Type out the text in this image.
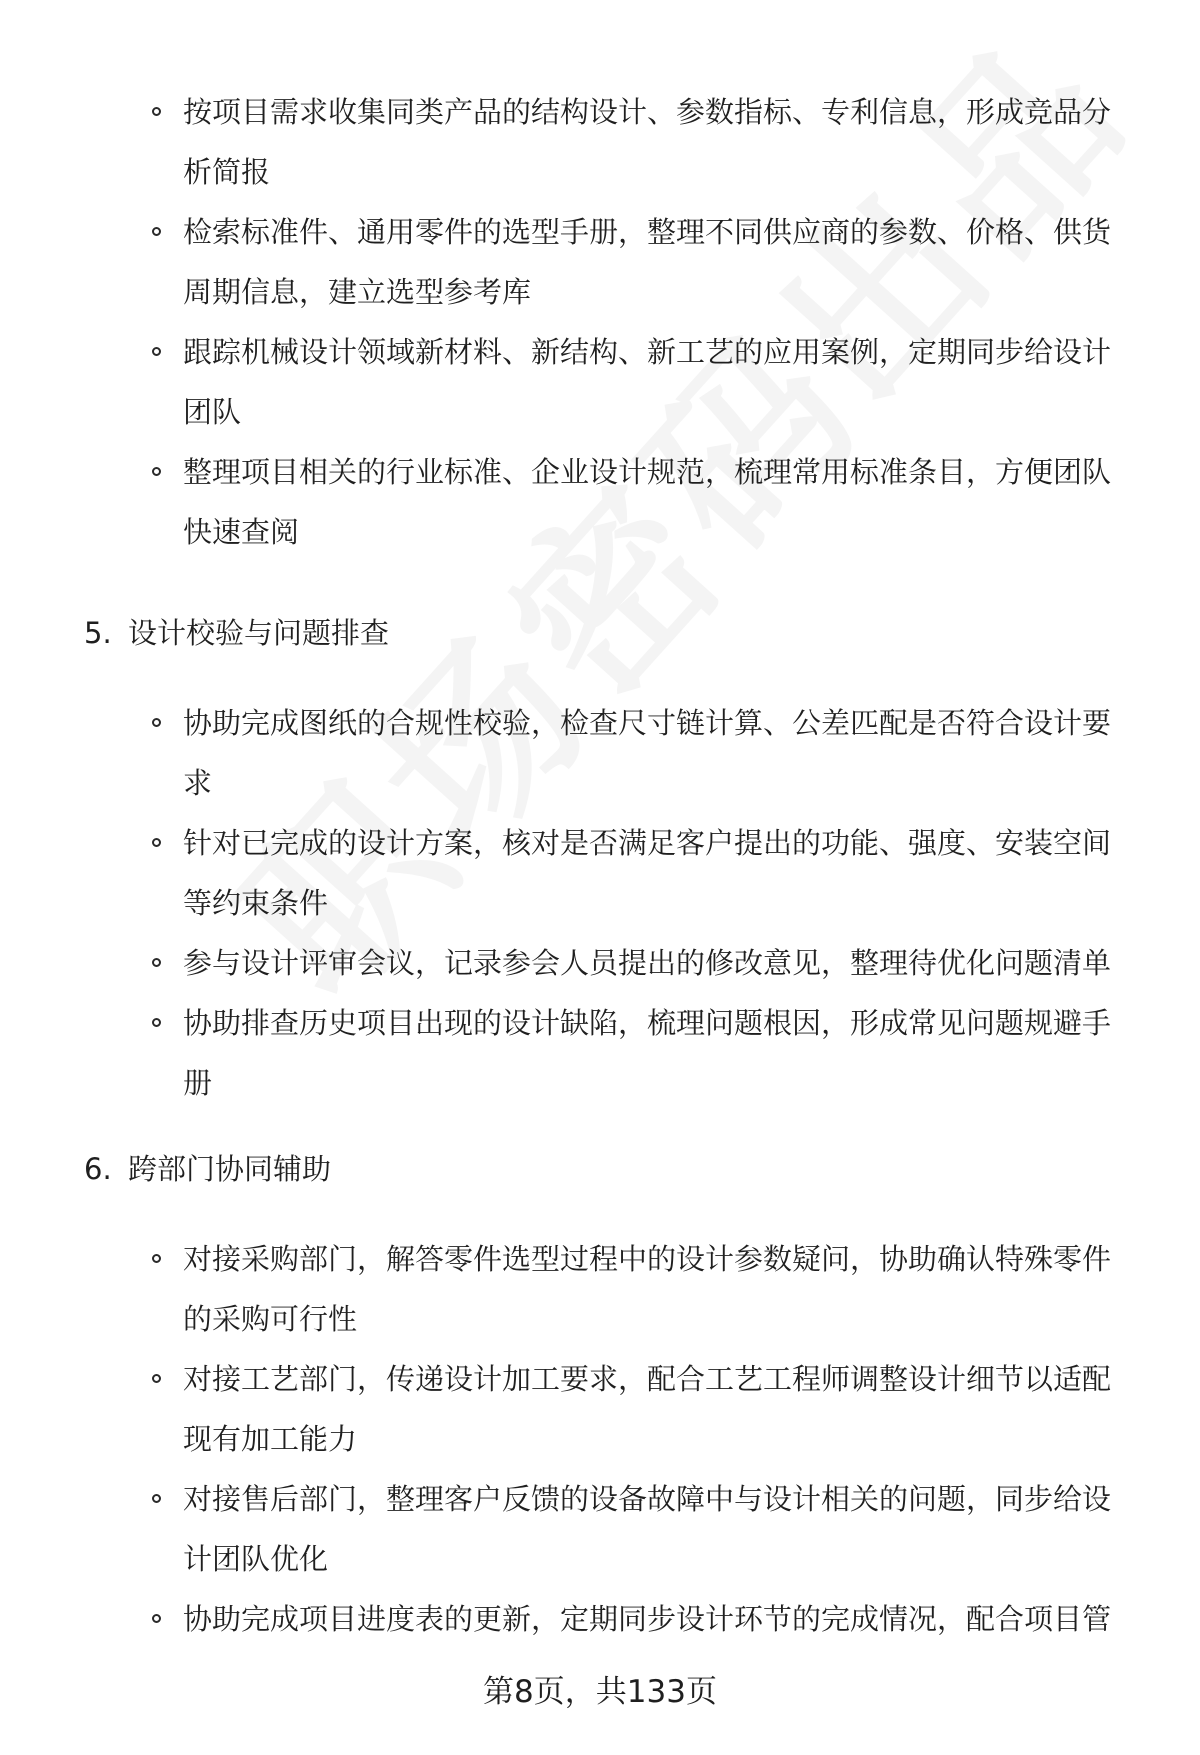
按项目需求收集同类产品的结构设计、参数指标、专利信息，形成竞品分析简报
检索标准件、通用零件的选型手册，整理不同供应商的参数、价格、供货周期信息，建立选型参考库
跟踪机械设计领域新材料、新结构、新工艺的应用案例，定期同步给设计团队
整理项目相关的行业标准、企业设计规范，梳理常用标准条目，方便团队快速查阅
5. 设计校验与问题排查
协助完成图纸的合规性校验，检查尺寸链计算、公差匹配是否符合设计要求
针对已完成的设计方案，核对是否满足客户提出的功能、强度、安装空间等约束条件
参与设计评审会议，记录参会人员提出的修改意见，整理待优化问题清单
协助排查历史项目出现的设计缺陷，梳理问题根因，形成常见问题规避手册
6. 跨部门协同辅助
对接采购部门，解答零件选型过程中的设计参数疑问，协助确认特殊零件的采购可行性
对接工艺部门，传递设计加工要求，配合工艺工程师调整设计细节以适配现有加工能力
对接售后部门，整理客户反馈的设备故障中与设计相关的问题，同步给设计团队优化
协助完成项目进度表的更新，定期同步设计环节的完成情况，配合项目管
第8页，共133页
